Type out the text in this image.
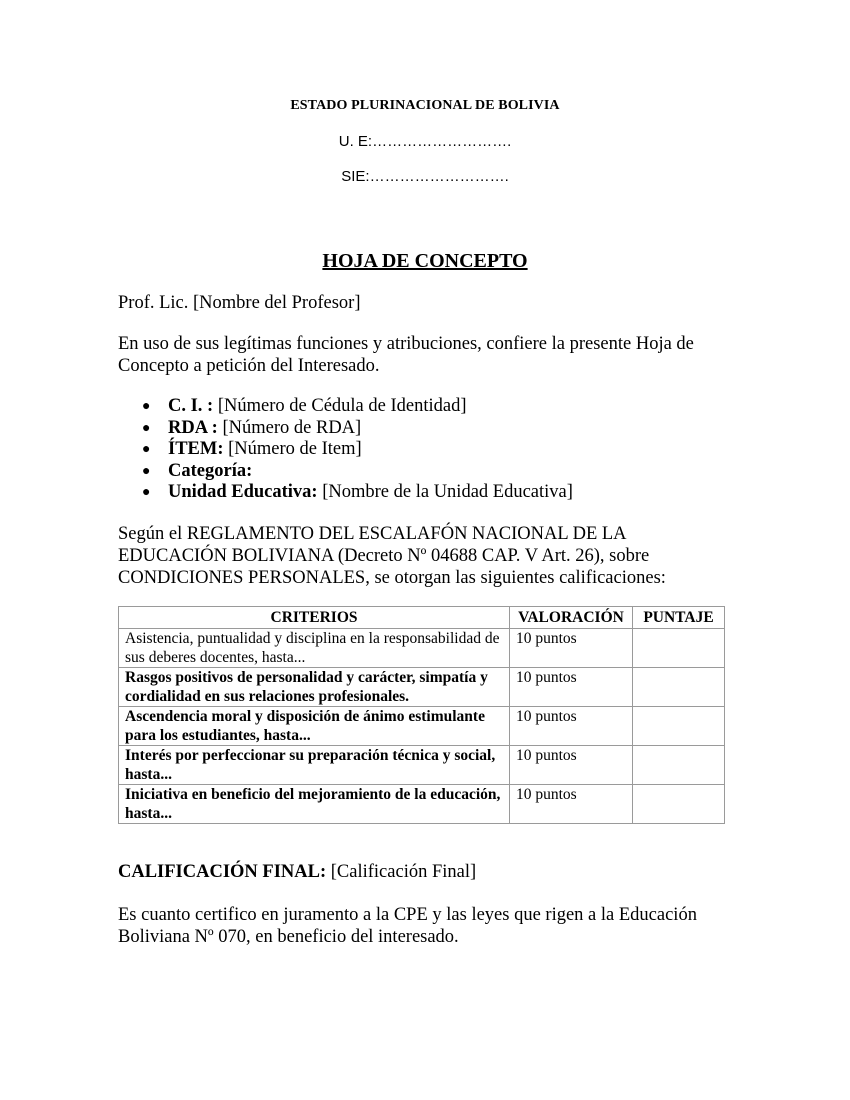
ESTADO PLURINACIONAL DE BOLIVIA
U. E:……………………….
SIE:……………………….
HOJA DE CONCEPTO
Prof. Lic. [Nombre del Profesor]
En uso de sus legítimas funciones y atribuciones, confiere la presente Hoja de Concepto a petición del Interesado.
● C. I. : [Número de Cédula de Identidad]
● RDA : [Número de RDA]
● ÍTEM: [Número de Item]
● Categoría:
● Unidad Educativa: [Nombre de la Unidad Educativa]
Según el REGLAMENTO DEL ESCALAFÓN NACIONAL DE LA EDUCACIÓN BOLIVIANA (Decreto Nº 04688 CAP. V Art. 26), sobre CONDICIONES PERSONALES, se otorgan las siguientes calificaciones:
CRITERIOS	VALORACIÓN	PUNTAJE
Asistencia, puntualidad y disciplina en la responsabilidad de sus deberes docentes, hasta...	10 puntos	
Rasgos positivos de personalidad y carácter, simpatía y cordialidad en sus relaciones profesionales.	10 puntos	
Ascendencia moral y disposición de ánimo estimulante para los estudiantes, hasta...	10 puntos	
Interés por perfeccionar su preparación técnica y social, hasta...	10 puntos	
Iniciativa en beneficio del mejoramiento de la educación, hasta...	10 puntos	
CALIFICACIÓN FINAL: [Calificación Final]
Es cuanto certifico en juramento a la CPE y las leyes que rigen a la Educación Boliviana Nº 070, en beneficio del interesado.
